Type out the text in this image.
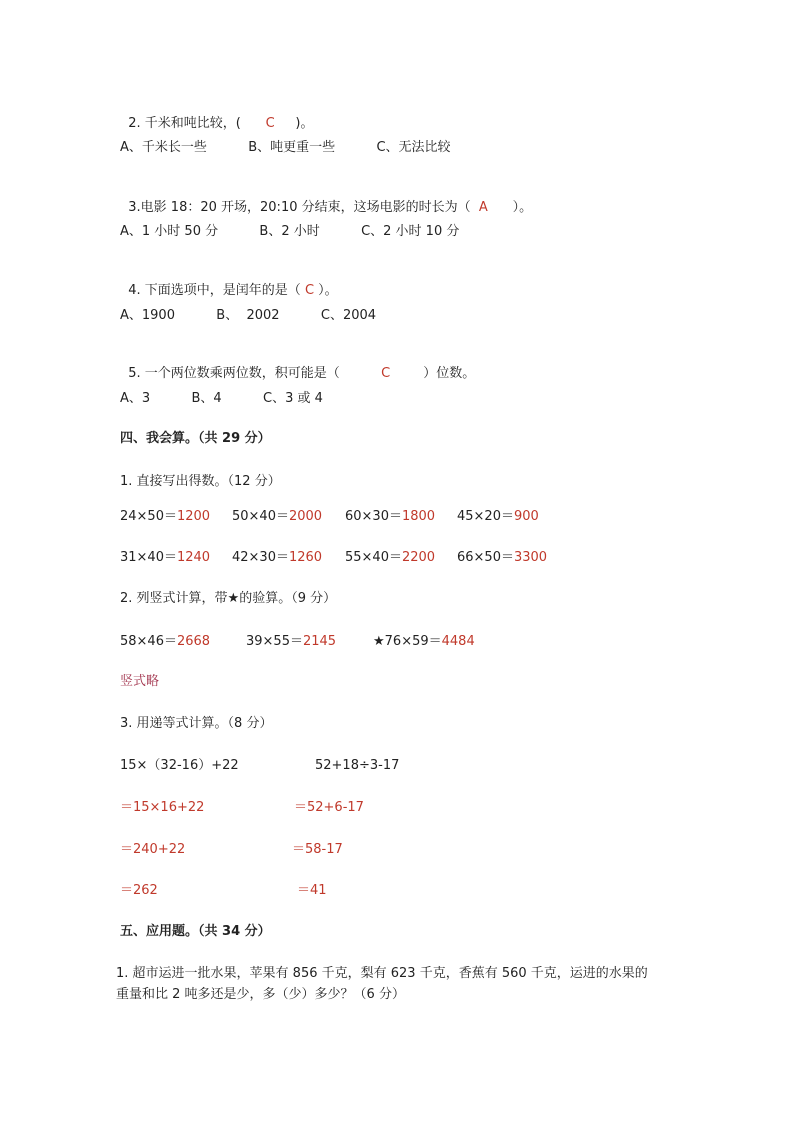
2. 千米和吨比较，(      C     )。

A、千米长一些          B、吨更重一些          C、无法比较

3.电影 18：20 开场，20:10 分结束，这场电影的时长为（  A      ）。

A、1 小时 50 分          B、2 小时          C、2 小时 10 分

4. 下面选项中，是闰年的是（ C ）。

A、1900          B、  2002          C、2004

5. 一个两位数乘两位数，积可能是（          C        ）位数。

A、3          B、4          C、3 或 4
四、我会算。（共 29 分）
1. 直接写出得数。（12 分）
24×50＝1200 50×40＝2000 60×30＝1800 45×20＝900
31×40＝1240 42×30＝1260 55×40＝2200 66×50＝3300
2. 列竖式计算，带★的验算。（9 分）
58×46＝2668	39×55＝2145	★76×59＝4484
竖式略
3. 用递等式计算。（8 分）
15×（32-16）+22	52+18÷3-17
＝15×16+22	＝52+6-17
＝240+22	＝58-17
＝262	＝41
五、应用题。（共 34 分）
1. 超市运进一批水果，苹果有 856 千克，梨有 623 千克，香蕉有 560 千克，运进的水果的
重量和比 2 吨多还是少，多（少）多少？（6 分）
